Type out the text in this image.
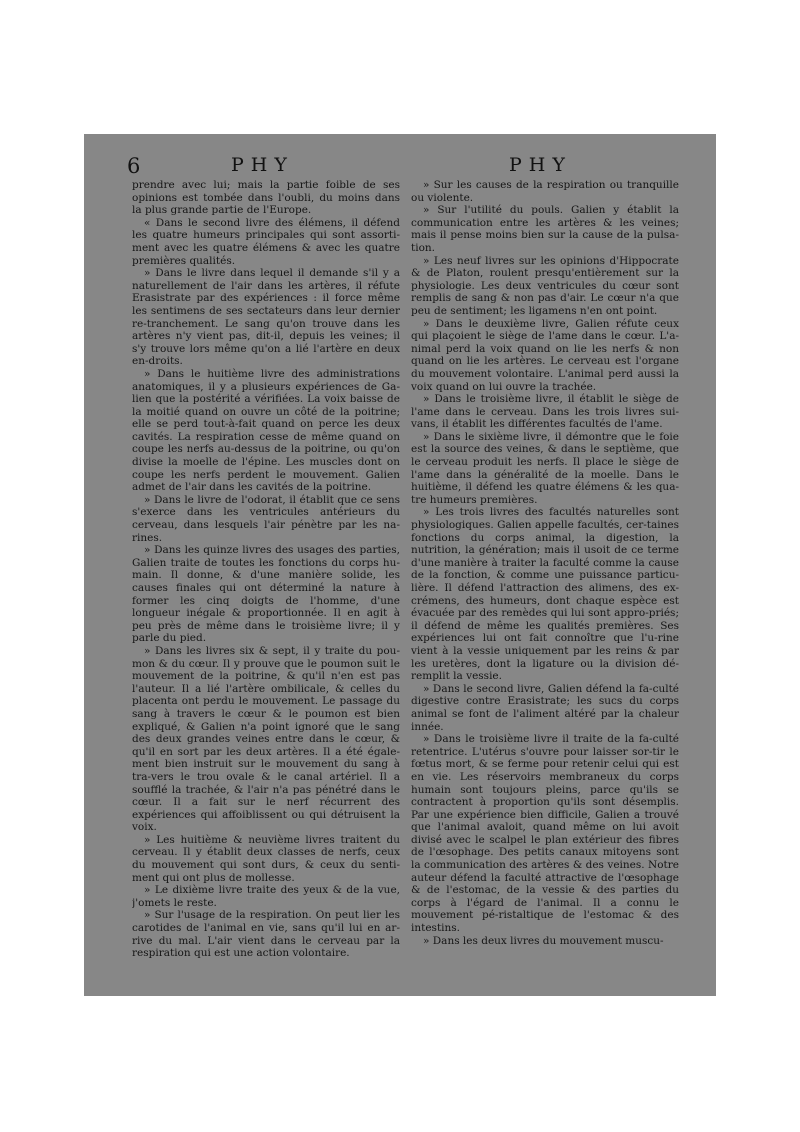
6	PHY	PHY

prendre avec lui; mais la partie foible de ses opinions est tombée dans l'oubli, du moins dans la plus grande partie de l'Europe.

« Dans le second livre des élémens, il défend les quatre humeurs principales qui sont assorti-ment avec les quatre élémens & avec les quatre premières qualités.

» Dans le livre dans lequel il demande s'il y a naturellement de l'air dans les artères, il réfute Erasistrate par des expériences : il force même les sentimens de ses sectateurs dans leur dernier re-tranchement. Le sang qu'on trouve dans les artères n'y vient pas, dit-il, depuis les veines; il s'y trouve lors même qu'on a lié l'artère en deux en-droits.

» Dans le huitième livre des administrations anatomiques, il y a plusieurs expériences de Ga-lien que la postérité a vérifiées. La voix baisse de la moitié quand on ouvre un côté de la poitrine; elle se perd tout-à-fait quand on perce les deux cavités. La respiration cesse de même quand on coupe les nerfs au-dessus de la poitrine, ou qu'on divise la moelle de l'épine. Les muscles dont on coupe les nerfs perdent le mouvement. Galien admet de l'air dans les cavités de la poitrine.

» Dans le livre de l'odorat, il établit que ce sens s'exerce dans les ventricules antérieurs du cerveau, dans lesquels l'air pénètre par les na-rines.

» Dans les quinze livres des usages des parties, Galien traite de toutes les fonctions du corps hu-main. Il donne, & d'une manière solide, les causes finales qui ont déterminé la nature à former les cinq doigts de l'homme, d'une longueur inégale & proportionnée. Il en agit à peu près de même dans le troisième livre; il y parle du pied.

» Dans les livres six & sept, il y traite du pou-mon & du cœur. Il y prouve que le poumon suit le mouvement de la poitrine, & qu'il n'en est pas l'auteur. Il a lié l'artère ombilicale, & celles du placenta ont perdu le mouvement. Le passage du sang à travers le cœur & le poumon est bien expliqué, & Galien n'a point ignoré que le sang des deux grandes veines entre dans le cœur, & qu'il en sort par les deux artères. Il a été égale-ment bien instruit sur le mouvement du sang à tra-vers le trou ovale & le canal artériel. Il a soufflé la trachée, & l'air n'a pas pénétré dans le cœur. Il a fait sur le nerf récurrent des expériences qui affoiblissent ou qui détruisent la voix.

» Les huitième & neuvième livres traitent du cerveau. Il y établit deux classes de nerfs, ceux du mouvement qui sont durs, & ceux du senti-ment qui ont plus de mollesse.

» Le dixième livre traite des yeux & de la vue, j'omets le reste.

» Sur l'usage de la respiration. On peut lier les carotides de l'animal en vie, sans qu'il lui en ar-rive du mal. L'air vient dans le cerveau par la respiration qui est une action volontaire.

» Sur les causes de la respiration ou tranquille ou violente.

» Sur l'utilité du pouls. Galien y établit la communication entre les artères & les veines; mais il pense moins bien sur la cause de la pulsa-tion.

» Les neuf livres sur les opinions d'Hippocrate & de Platon, roulent presqu'entièrement sur la physiologie. Les deux ventricules du cœur sont remplis de sang & non pas d'air. Le cœur n'a que peu de sentiment; les ligamens n'en ont point.

» Dans le deuxième livre, Galien réfute ceux qui plaçoient le siège de l'ame dans le cœur. L'a-nimal perd la voix quand on lie les nerfs & non quand on lie les artères. Le cerveau est l'organe du mouvement volontaire. L'animal perd aussi la voix quand on lui ouvre la trachée.

» Dans le troisième livre, il établit le siège de l'ame dans le cerveau. Dans les trois livres sui-vans, il établit les différentes facultés de l'ame.

» Dans le sixième livre, il démontre que le foie est la source des veines, & dans le septième, que le cerveau produit les nerfs. Il place le siège de l'ame dans la généralité de la moelle. Dans le huitième, il défend les quatre élémens & les qua-tre humeurs premières.

» Les trois livres des facultés naturelles sont physiologiques. Galien appelle facultés, cer-taines fonctions du corps animal, la digestion, la nutrition, la génération; mais il usoit de ce terme d'une manière à traiter la faculté comme la cause de la fonction, & comme une puissance particu-lière. Il défend l'attraction des alimens, des ex-crémens, des humeurs, dont chaque espèce est évacuée par des remèdes qui lui sont appro-priés; il défend de même les qualités premières. Ses expériences lui ont fait connoître que l'u-rine vient à la vessie uniquement par les reins & par les uretères, dont la ligature ou la division dé-remplit la vessie.

» Dans le second livre, Galien défend la fa-culté digestive contre Erasistrate; les sucs du corps animal se font de l'aliment altéré par la chaleur innée.

» Dans le troisième livre il traite de la fa-culté retentrice. L'utérus s'ouvre pour laisser sor-tir le fœtus mort, & se ferme pour retenir celui qui est en vie. Les réservoirs membraneux du corps humain sont toujours pleins, parce qu'ils se contractent à proportion qu'ils sont désemplis. Par une expérience bien difficile, Galien a trouvé que l'animal avaloit, quand même on lui avoit divisé avec le scalpel le plan extérieur des fibres de l'œsophage. Des petits canaux mitoyens sont la communication des artères & des veines. Notre auteur défend la faculté attractive de l'œsophage & de l'estomac, de la vessie & des parties du corps à l'égard de l'animal. Il a connu le mouvement pé-ristaltique de l'estomac & des intestins.

» Dans les deux livres du mouvement muscu-
